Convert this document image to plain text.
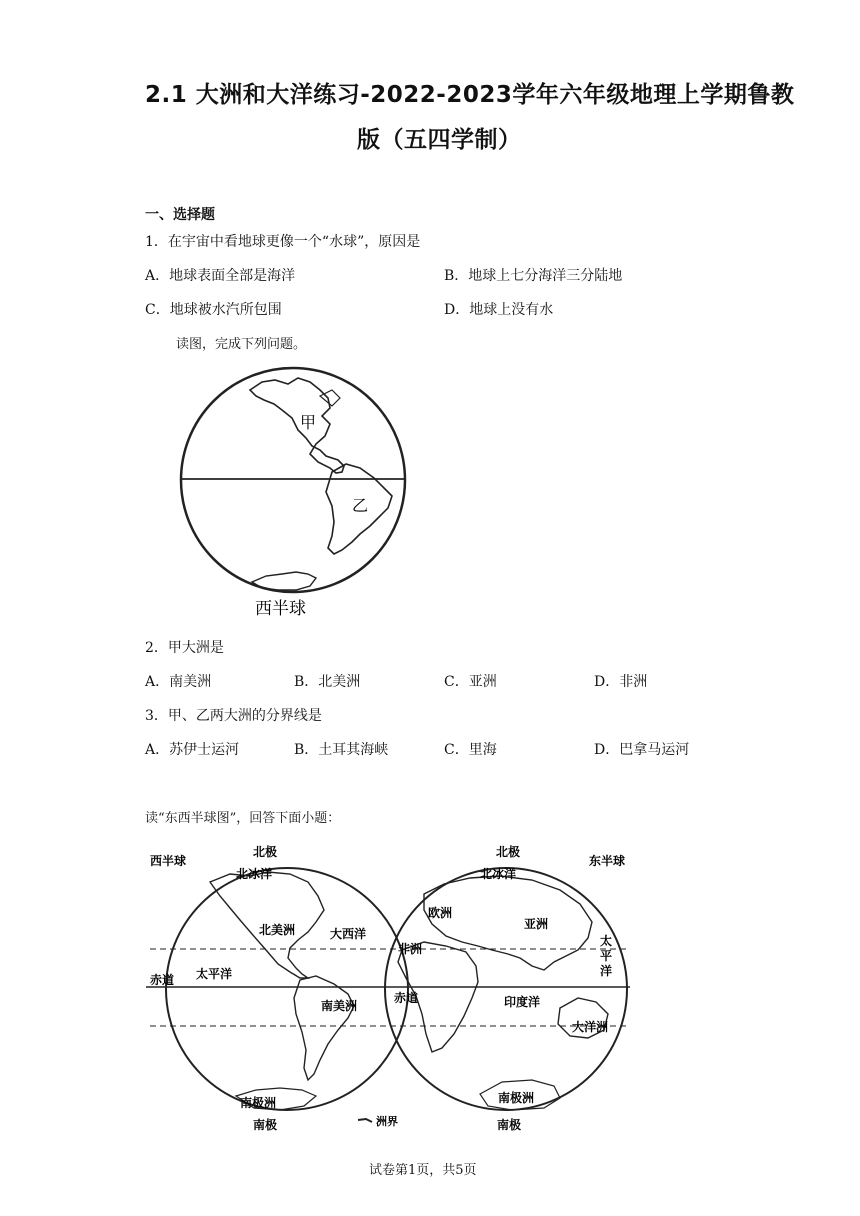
2.1 大洲和大洋练习-2022-2023学年六年级地理上学期鲁教
版（五四学制）
一、选择题
1．在宇宙中看地球更像一个“水球”，原因是
A．地球表面全部是海洋	B．地球上七分海洋三分陆地
C．地球被水汽所包围	D．地球上没有水
读图，完成下列问题。
甲
乙
西半球
2．甲大洲是
A．南美洲	B．北美洲	C．亚洲	D．非洲
3．甲、乙两大洲的分界线是
A．苏伊士运河	B．土耳其海峡	C．里海	D．巴拿马运河
读“东西半球图”，回答下面小题：
西半球	东半球
北极	北极
北冰洋	北冰洋
北美洲	大西洋
赤道 太平洋
南美洲
南极洲
南极	南极
洲界
欧洲
亚洲
非洲
赤道	印度洋
太
平
洋
大洋洲
南极洲
试卷第1页，共5页
